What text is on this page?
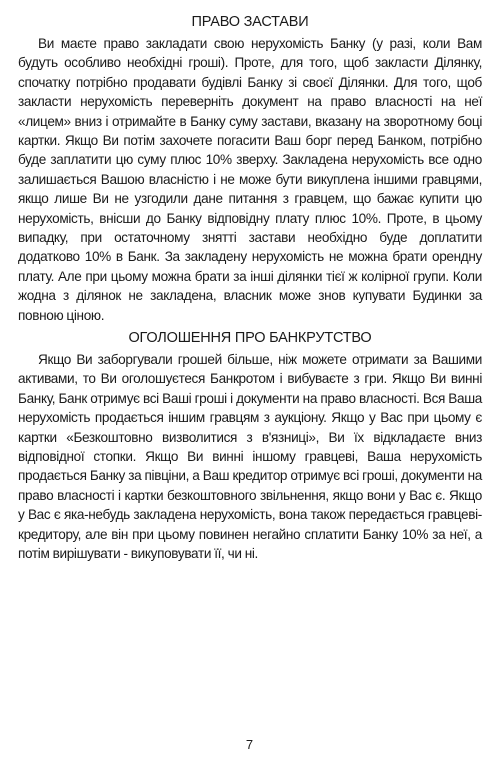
ПРАВО ЗАСТАВИ

Ви маєте право закладати свою нерухомість Банку (у разі, коли Вам будуть особливо необхідні гроші). Проте, для того, щоб закласти Ділянку, спочатку потрібно продавати будівлі Банку зі своєї Ділянки. Для того, щоб закласти нерухомість переверніть документ на право власності на неї «лицем» вниз і отримайте в Банку суму застави, вказану на зворотному боці картки. Якщо Ви потім захочете погасити Ваш борг перед Банком, потрібно буде заплатити цю суму плюс 10% зверху. Закладена нерухомість все одно залишається Вашою власністю і не може бути викуплена іншими гравцями, якщо лише Ви не узгодили дане питання з гравцем, що бажає купити цю нерухомість, внісши до Банку відповідну плату плюс 10%. Проте, в цьому випадку, при остаточному знятті застави необхідно буде доплатити додатково 10% в Банк. За закладену нерухомість не можна брати орендну плату. Але при цьому можна брати за інші ділянки тієї ж колірної групи. Коли жодна з ділянок не закладена, власник може знов купувати Будинки за повною ціною.

ОГОЛОШЕННЯ ПРО БАНКРУТСТВО

Якщо Ви заборгували грошей більше, ніж можете отримати за Вашими активами, то Ви оголошуєтеся Банкротом і вибуваєте з гри. Якщо Ви винні Банку, Банк отримує всі Ваші гроші і документи на право власності. Вся Ваша нерухомість продається іншим гравцям з аукціону. Якщо у Вас при цьому є картки «Безкоштовно визволитися з в'язниці», Ви їх відкладаєте вниз відповідної стопки. Якщо Ви винні іншому гравцеві, Ваша нерухомість продається Банку за півціни, а Ваш кредитор отримує всі гроші, документи на право власності і картки безкоштовного звільнення, якщо вони у Вас є. Якщо у Вас є яка-небудь закладена нерухомість, вона також передається гравцеві-кредитору, але він при цьому повинен негайно сплатити Банку 10% за неї, а потім вирішувати - викуповувати її, чи ні.

7
